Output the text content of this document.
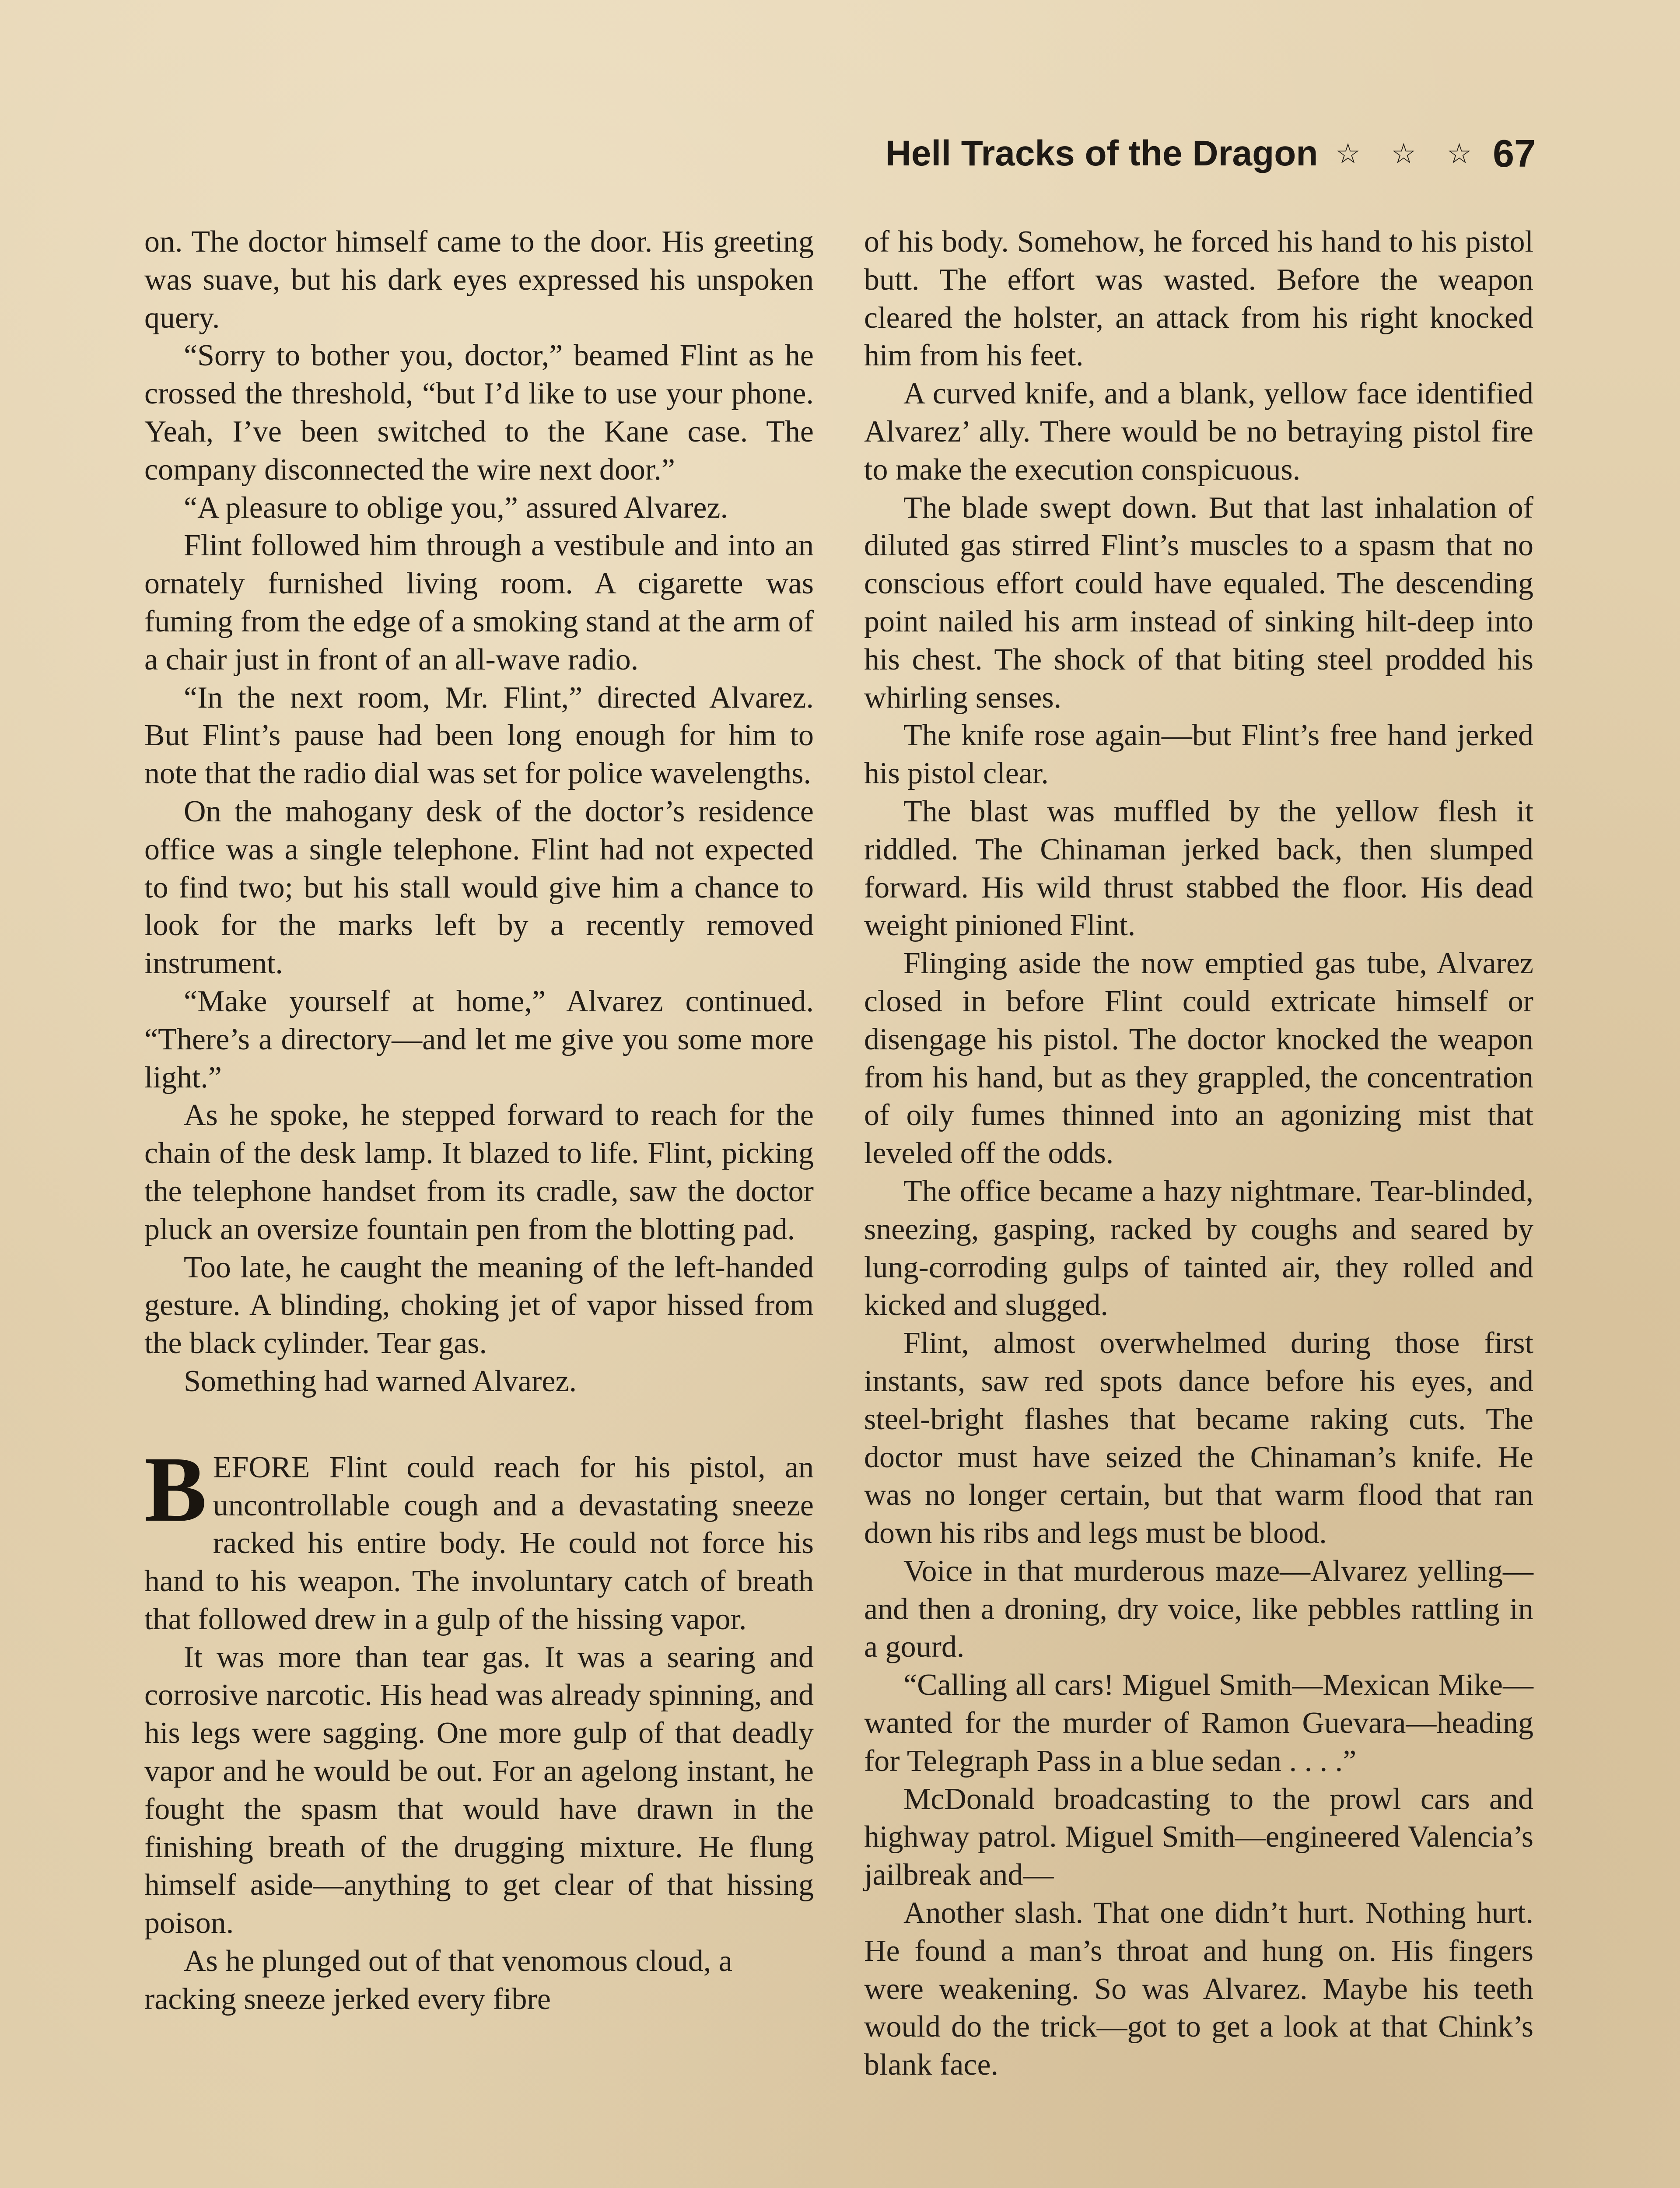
Hell Tracks of the Dragon ☆ ☆ ☆ 67

on. The doctor himself came to the door. His greeting was suave, but his dark eyes expressed his unspoken query.

“Sorry to bother you, doctor,” beamed Flint as he crossed the threshold, “but I’d like to use your phone. Yeah, I’ve been switched to the Kane case. The company disconnected the wire next door.”

“A pleasure to oblige you,” assured Alvarez.

Flint followed him through a vestibule and into an ornately furnished living room. A cigarette was fuming from the edge of a smoking stand at the arm of a chair just in front of an all-wave radio.

“In the next room, Mr. Flint,” directed Alvarez. But Flint’s pause had been long enough for him to note that the radio dial was set for police wavelengths.

On the mahogany desk of the doctor’s residence office was a single telephone. Flint had not expected to find two; but his stall would give him a chance to look for the marks left by a recently removed instrument.

“Make yourself at home,” Alvarez continued. “There’s a directory—and let me give you some more light.”

As he spoke, he stepped forward to reach for the chain of the desk lamp. It blazed to life. Flint, picking the telephone handset from its cradle, saw the doctor pluck an oversize fountain pen from the blotting pad.

Too late, he caught the meaning of the left-handed gesture. A blinding, choking jet of vapor hissed from the black cylinder. Tear gas.

Something had warned Alvarez.

BEFORE Flint could reach for his pistol, an uncontrollable cough and a devastating sneeze racked his entire body. He could not force his hand to his weapon. The involuntary catch of breath that followed drew in a gulp of the hissing vapor.

It was more than tear gas. It was a searing and corrosive narcotic. His head was already spinning, and his legs were sagging. One more gulp of that deadly vapor and he would be out. For an agelong instant, he fought the spasm that would have drawn in the finishing breath of the drugging mixture. He flung himself aside—anything to get clear of that hissing poison.

As he plunged out of that venomous cloud, a racking sneeze jerked every fibre

of his body. Somehow, he forced his hand to his pistol butt. The effort was wasted. Before the weapon cleared the holster, an attack from his right knocked him from his feet.

A curved knife, and a blank, yellow face identified Alvarez’ ally. There would be no betraying pistol fire to make the execution conspicuous.

The blade swept down. But that last inhalation of diluted gas stirred Flint’s muscles to a spasm that no conscious effort could have equaled. The descending point nailed his arm instead of sinking hilt-deep into his chest. The shock of that biting steel prodded his whirling senses.

The knife rose again—but Flint’s free hand jerked his pistol clear.

The blast was muffled by the yellow flesh it riddled. The Chinaman jerked back, then slumped forward. His wild thrust stabbed the floor. His dead weight pinioned Flint.

Flinging aside the now emptied gas tube, Alvarez closed in before Flint could extricate himself or disengage his pistol. The doctor knocked the weapon from his hand, but as they grappled, the concentration of oily fumes thinned into an agonizing mist that leveled off the odds.

The office became a hazy nightmare. Tear-blinded, sneezing, gasping, racked by coughs and seared by lung-corroding gulps of tainted air, they rolled and kicked and slugged.

Flint, almost overwhelmed during those first instants, saw red spots dance before his eyes, and steel-bright flashes that became raking cuts. The doctor must have seized the Chinaman’s knife. He was no longer certain, but that warm flood that ran down his ribs and legs must be blood.

Voice in that murderous maze—Alvarez yelling—and then a droning, dry voice, like pebbles rattling in a gourd.

“Calling all cars! Miguel Smith—Mexican Mike—wanted for the murder of Ramon Guevara—heading for Telegraph Pass in a blue sedan . . . .”

McDonald broadcasting to the prowl cars and highway patrol. Miguel Smith—engineered Valencia’s jailbreak and—

Another slash. That one didn’t hurt. Nothing hurt. He found a man’s throat and hung on. His fingers were weakening. So was Alvarez. Maybe his teeth would do the trick—got to get a look at that Chink’s blank face.
